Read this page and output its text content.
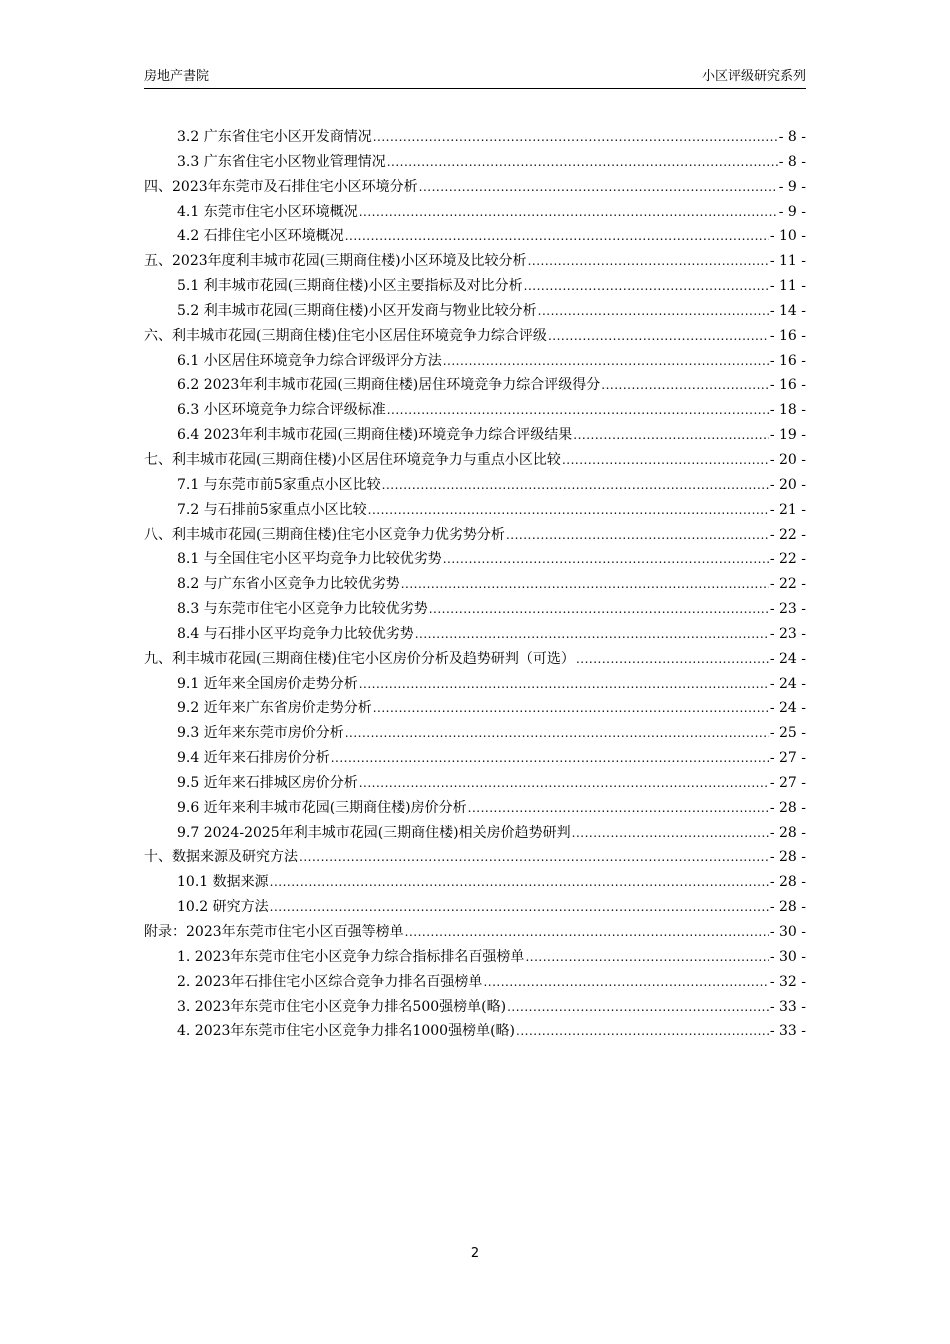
房地产書院	小区评级研究系列
3.2 广东省住宅小区开发商情况 .....	- 8 -
3.3 广东省住宅小区物业管理情况 .....	- 8 -
四、2023年东莞市及石排住宅小区环境分析 .....	- 9 -
4.1 东莞市住宅小区环境概况 .....	- 9 -
4.2 石排住宅小区环境概况 .....	- 10 -
五、2023年度利丰城市花园(三期商住楼)小区环境及比较分析 .....	- 11 -
5.1 利丰城市花园(三期商住楼)小区主要指标及对比分析 .....	- 11 -
5.2 利丰城市花园(三期商住楼)小区开发商与物业比较分析 .....	- 14 -
六、利丰城市花园(三期商住楼)住宅小区居住环境竞争力综合评级 .....	- 16 -
6.1 小区居住环境竞争力综合评级评分方法 .....	- 16 -
6.2 2023年利丰城市花园(三期商住楼)居住环境竞争力综合评级得分 .....	- 16 -
6.3 小区环境竞争力综合评级标准 .....	- 18 -
6.4 2023年利丰城市花园(三期商住楼)环境竞争力综合评级结果 .....	- 19 -
七、利丰城市花园(三期商住楼)小区居住环境竞争力与重点小区比较 .....	- 20 -
7.1 与东莞市前5家重点小区比较 .....	- 20 -
7.2 与石排前5家重点小区比较 .....	- 21 -
八、利丰城市花园(三期商住楼)住宅小区竞争力优劣势分析 .....	- 22 -
8.1 与全国住宅小区平均竞争力比较优劣势 .....	- 22 -
8.2 与广东省小区竞争力比较优劣势 .....	- 22 -
8.3 与东莞市住宅小区竞争力比较优劣势 .....	- 23 -
8.4 与石排小区平均竞争力比较优劣势 .....	- 23 -
九、利丰城市花园(三期商住楼)住宅小区房价分析及趋势研判（可选） .....	- 24 -
9.1 近年来全国房价走势分析 .....	- 24 -
9.2 近年来广东省房价走势分析 .....	- 24 -
9.3 近年来东莞市房价分析 .....	- 25 -
9.4 近年来石排房价分析 .....	- 27 -
9.5 近年来石排城区房价分析 .....	- 27 -
9.6 近年来利丰城市花园(三期商住楼)房价分析 .....	- 28 -
9.7 2024-2025年利丰城市花园(三期商住楼)相关房价趋势研判 .....	- 28 -
十、数据来源及研究方法 .....	- 28 -
10.1 数据来源 .....	- 28 -
10.2 研究方法 .....	- 28 -
附录：2023年东莞市住宅小区百强等榜单 .....	- 30 -
1. 2023年东莞市住宅小区竞争力综合指标排名百强榜单 .....	- 30 -
2. 2023年石排住宅小区综合竞争力排名百强榜单 .....	- 32 -
3. 2023年东莞市住宅小区竞争力排名500强榜单(略) .....	- 33 -
4. 2023年东莞市住宅小区竞争力排名1000强榜单(略) .....	- 33 -
2
